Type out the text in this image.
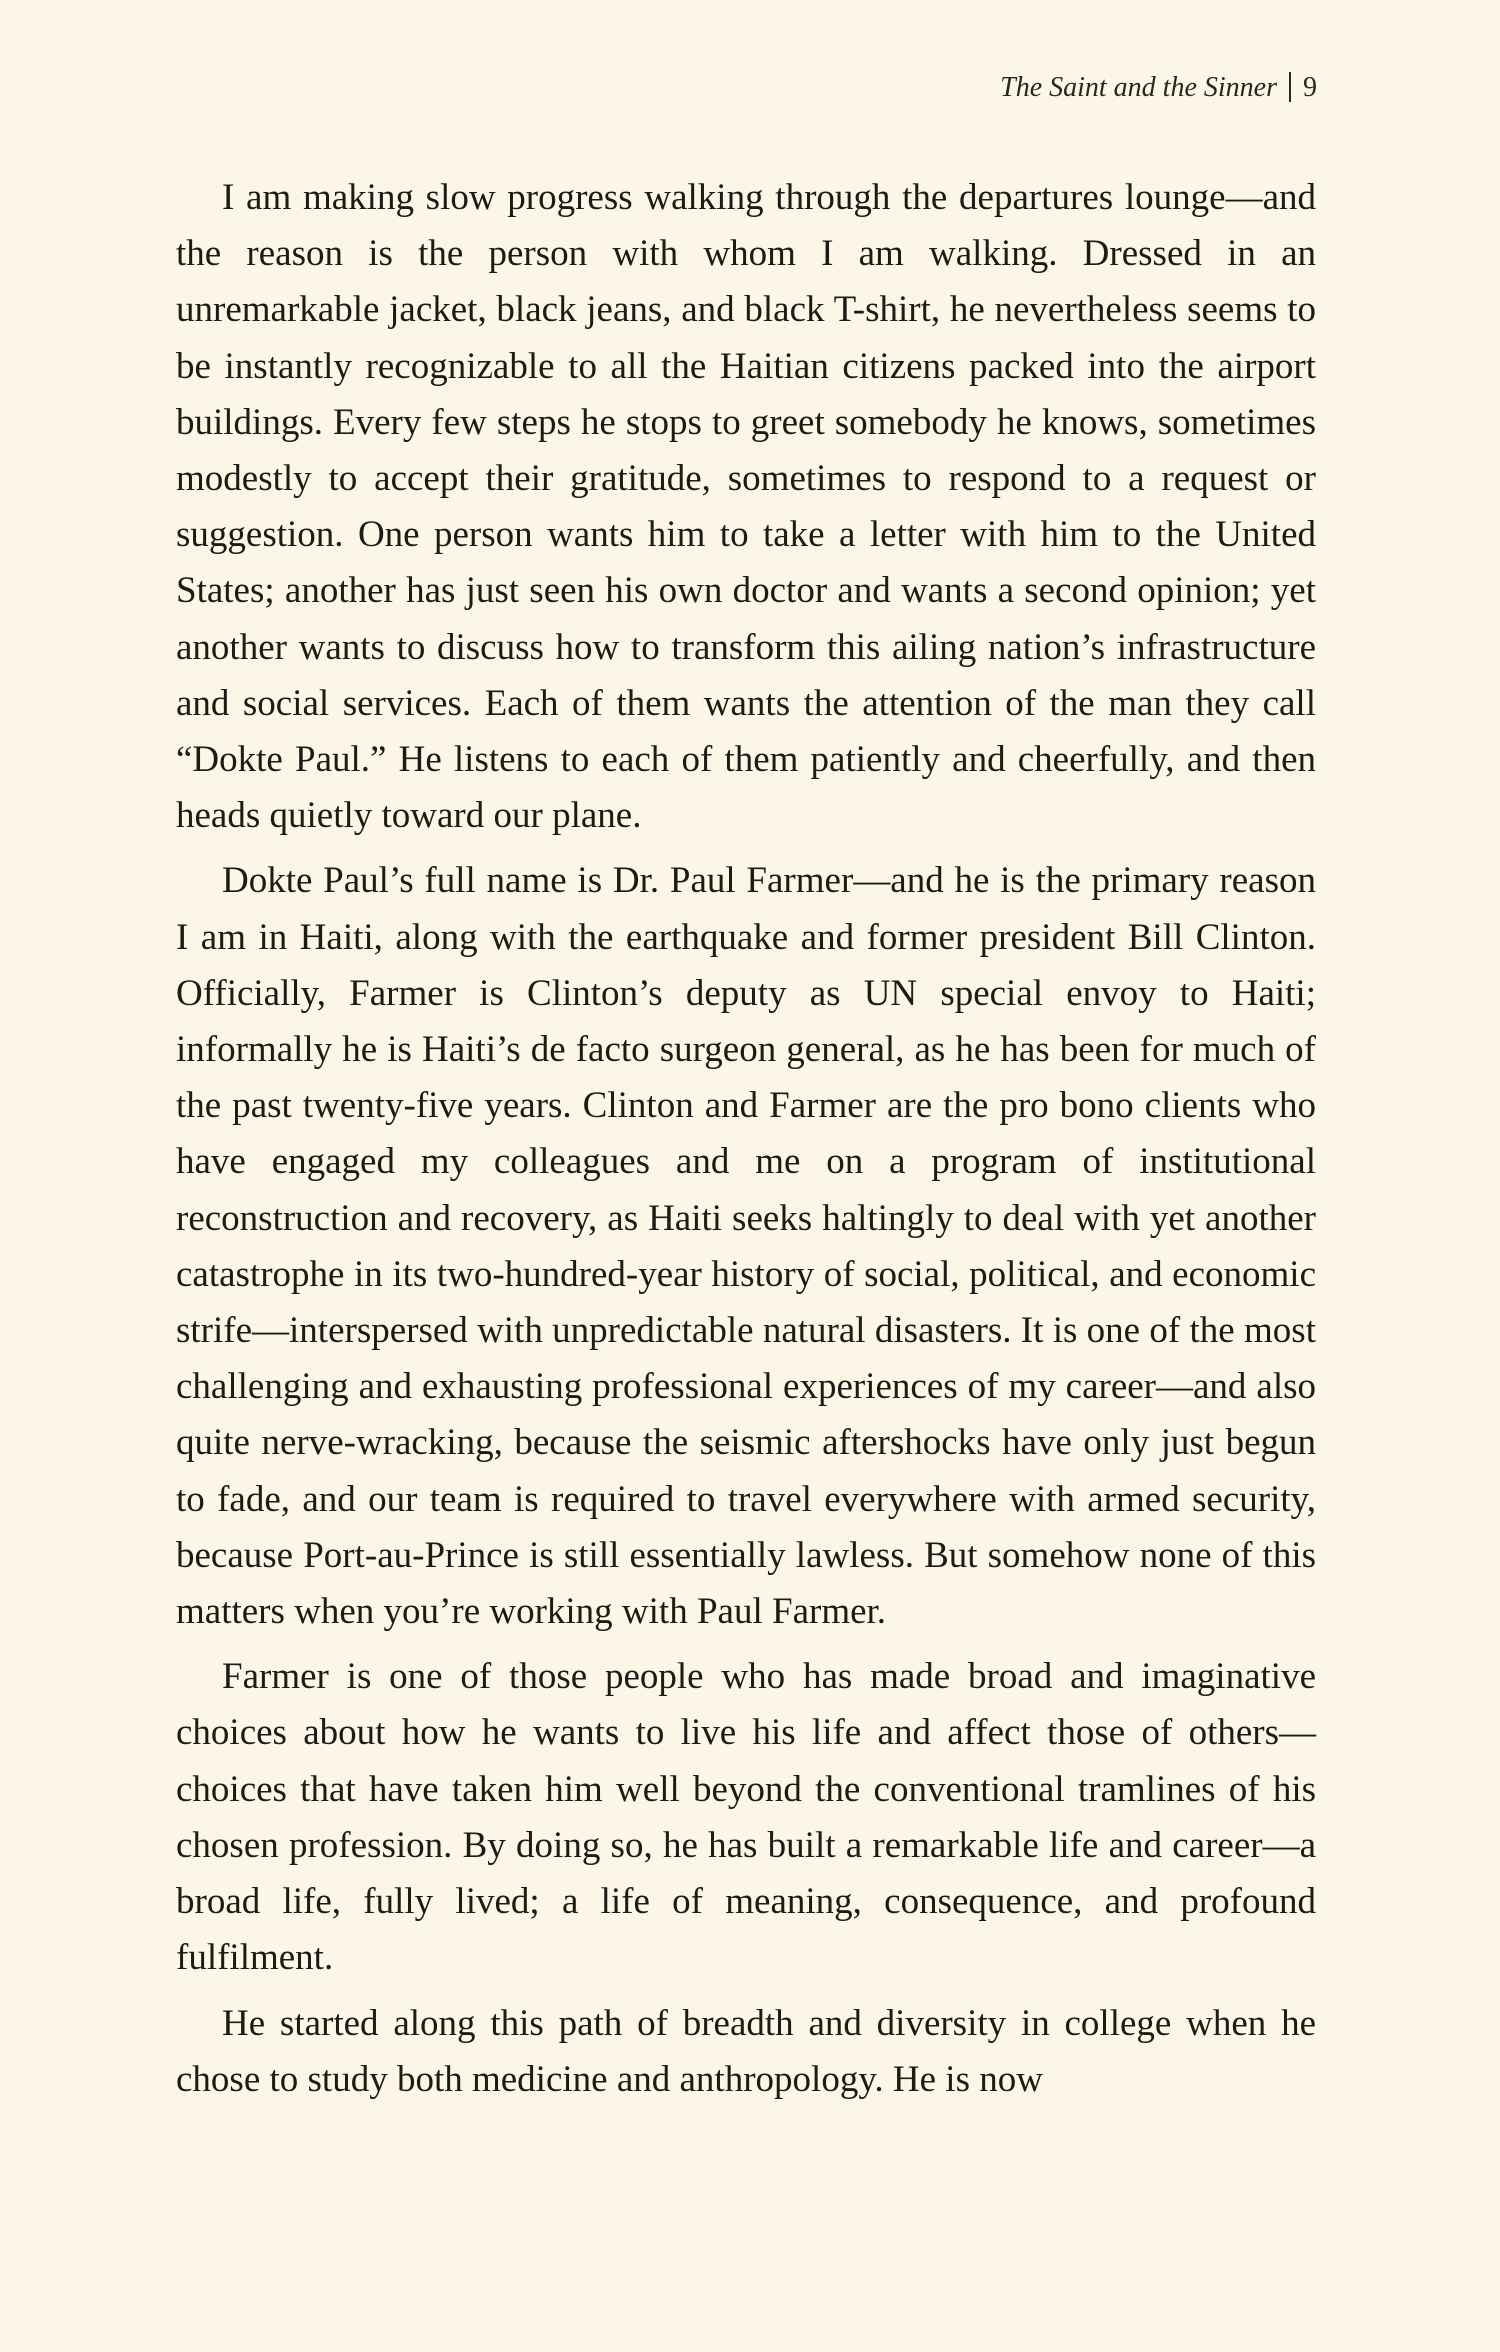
The Saint and the Sinner 9

I am making slow progress walking through the departures lounge—and the reason is the person with whom I am walking. Dressed in an unremarkable jacket, black jeans, and black T-shirt, he nevertheless seems to be instantly recognizable to all the Haitian citizens packed into the airport buildings. Every few steps he stops to greet somebody he knows, sometimes modestly to accept their gratitude, sometimes to respond to a request or suggestion. One person wants him to take a letter with him to the United States; another has just seen his own doctor and wants a second opinion; yet another wants to discuss how to transform this ailing nation’s infrastructure and social services. Each of them wants the attention of the man they call “Dokte Paul.” He listens to each of them patiently and cheerfully, and then heads quietly toward our plane.

Dokte Paul’s full name is Dr. Paul Farmer—and he is the primary reason I am in Haiti, along with the earthquake and former president Bill Clinton. Officially, Farmer is Clinton’s deputy as UN special envoy to Haiti; informally he is Haiti’s de facto surgeon general, as he has been for much of the past twenty-five years. Clinton and Farmer are the pro bono clients who have engaged my colleagues and me on a program of institutional reconstruction and recovery, as Haiti seeks haltingly to deal with yet another catastrophe in its two-hundred-year history of social, political, and economic strife—interspersed with unpredictable natural disasters. It is one of the most challenging and exhausting professional experiences of my career—and also quite nerve-wracking, because the seismic aftershocks have only just begun to fade, and our team is required to travel everywhere with armed security, because Port-au-Prince is still essentially lawless. But somehow none of this matters when you’re working with Paul Farmer.

Farmer is one of those people who has made broad and imaginative choices about how he wants to live his life and affect those of others—choices that have taken him well beyond the conventional tramlines of his chosen profession. By doing so, he has built a remarkable life and career—a broad life, fully lived; a life of meaning, consequence, and profound fulfilment.

He started along this path of breadth and diversity in college when he chose to study both medicine and anthropology. He is now
